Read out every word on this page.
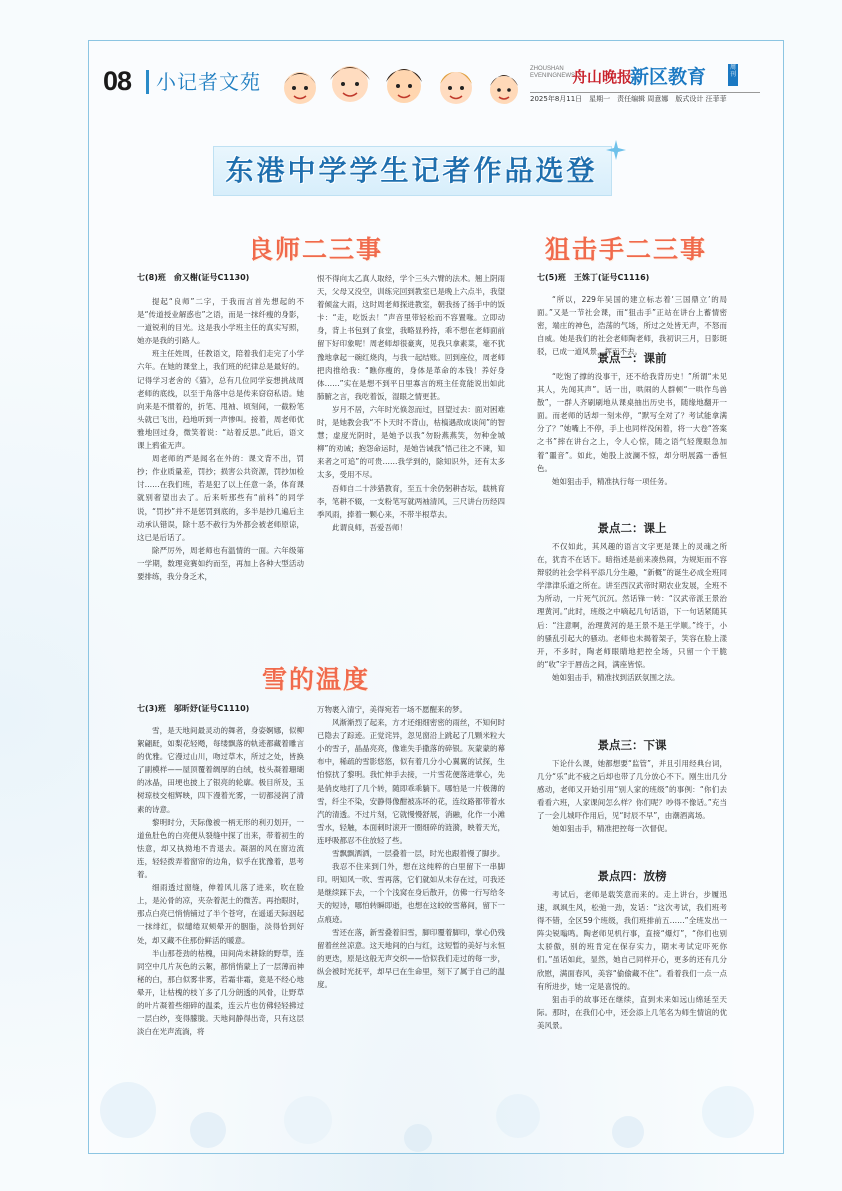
08 小记者文苑
ZHOUSHAN EVENINGNEWS
舟山晚报
新区教育	周刊
2025年8月11日　星期一　责任编辑 周意娜　版式设计 汪菲菲
东港中学学生记者作品选登
良师二三事
七(8)班　俞又榭(证号C1130)

提起“良师”二字，于我而言首先想起的不是“传道授业解惑也”之语，而是一抹纤瘦的身影，一道锐利的目光。这是我小学班主任的真实写照，她亦是我的引路人。

班主任姓周，任教语文，陪着我们走完了小学六年。在她的课堂上，我们班的纪律总是最好的。记得学习老舍的《猫》，总有几位同学妄想挑战周老师的底线，以至于角落中总是传来窃窃私语。她向来是不惯着的，折笔、甩袖、顷刻间，一截粉笔头就已飞出，趋地听到一声惨叫。接着，周老师优雅地回过身，微笑着说：“站着反思。”此后，语文课上鸦雀无声。

周老师的严是闻名在外的：课文背不出，罚抄；作业质量差，罚抄；损害公共资源，罚抄加检讨……在我们班，若是犯了以上任意一条，体育课就别奢望出去了。后来听那些有“前科”的同学说，“罚抄”并不是惩罚到底的，多半是抄几遍后主动承认错误，除十恶不赦行为外都会被老师原谅，这已是后话了。

除严厉外，周老师也有温情的一面。六年级第一学期，数理竞赛如约而至，再加上各种大型活动要排练，我分身乏术，

恨不得向太乙真人取经，学个三头六臂的法术。翘上阴雨天，父母又没空，训练完回到教室已是晚上六点半，我望着倾盆大雨，这时周老师探进教室，朝我扬了扬手中的饭卡：“走，吃饭去！”声音里带轻松而不容置喙。立即动身，背上书包到了食堂，我略显矜持，乖不想在老师面前留下好印象呢！周老师却很豪爽，见我只拿素菜，毫不犹豫地拿起一碗红烧肉，与我一起结账。回到座位，周老师把肉推给我：“瞧你瘦的，身体是革命的本钱！养好身体……”实在是想不到平日里寡言的班主任竟能说出如此肺腑之言，我吃着饭，湿眼之情更甚。

岁月不居，六年时光倏忽而过，回望过去：面对困难时，是她教会我“不卜天时不背山，枯槁遇敌成谈间”的智慧；虚度光阴时，是她予以我“勿盼燕燕笑，勿种金城柳”的劝诫；抱怨命运时，是她告诫我“悟己往之不谏，知来者之可追”的可贵……我学到的，除知识外，还有太多太多，受用不尽。

吾师自二十涉猎教育，至五十余仍躬耕杏坛，载桃育李，笔耕不辍，一支粉笔写就两袖清风，三尺讲台历经四季风雨，捧着一颗心来，不带半根草去。

此谓良师，吾爱吾师！

雪的温度
七(3)班　邬昕妤(证号C1110)

雪，是天地间最灵动的舞者，身姿婀娜，似柳絮翩跹，如梨花轻飏，每缕飘落的轨迹都藏着雕言的优雅。它漫过山川，吻过草木，所过之处，皆换了副模样——屋顶覆着绸厚的白绒，枝头凝着珊瑚的冰晶，田埂也披上了银亮的轮廓。极目所及，玉树琼枝交相辉映，四下漫着光雾，一切都浸润了清素的诗意。

黎明时分，天际像被一柄无形的利刃划开，一道鱼肚色的白亮便从裂缝中探了出来，带着初生的怯意，却又执拗地不肯退去。凝涸的风在窗边流连，轻轻拨弄着窗帘的边角，似乎在犹豫着，思考着。

细雨透过窗缝，伸着风儿落了进来，吹在脸上，是沁骨的凉，夹杂着泥土的微苦。再抬眼时，那点白亮已悄悄铺过了半个苍穹，在遥遥天际洇起一抹绯红，似缱绻双颊晕开的胭脂，淡得恰到好处，却又藏不住那份鲜活的暖意。

半山那苍劲的枯槐，田间尚未耕除的野草，连同空中几片灰色的云絮，都悄悄蒙上了一层薄而神秘的白，那白似雾非雾，若霜非霜，竟是不经心地晕开，让枯槐的枝丫多了几分朗透的风骨，让野草的叶片凝着些细碎的温柔，连云片也仿佛轻轻拂过一层白纱，变得朦胧。天地间静得出奇，只有这层淡白在光声流淌，将

万物裹入清宁，美得宛若一场不愿醒来的梦。

风渐渐烈了起来，方才还细细密密的雨丝，不知何时已隐去了踪迹。正觉诧异，忽见窗沿上跳起了几颗米粒大小的雪子，晶晶亮亮，像谁失手撒落的碎银。灰蒙蒙的幕布中，稀疏的雪影悠悠，似有着几分小心翼翼的试探，生怕惊扰了黎明。我忙伸手去接，一片雪花便落进掌心，先是俏皮地打了几个转，随即乖乖躺下。哪怕是一片极薄的雪，纤尘不染，安静得像酣被冻坏的花，连纹路都带着水汽的清透。不过片刻，它就慢慢舒展，消融，化作一小滩雪水，轻触，本面刺时滚开一圈细碎的涟漪，映着天光，连呼吸都忍不住放轻了些。

雪飘飘洒洒，一层叠着一层，时光也跟着慢了脚步。

我忍不住来到门外，想在这纯粹的白里留下一串脚印。明知风一吹、雪再落，它们就如从未存在过，可我还是继续踩下去，一个个浅窝在身后散开，仿佛一行写给冬天的短诗，哪怕转瞬即逝，也想在这皎皎雪幕间，留下一点痕迹。

雪还在落，新雪叠着旧雪，脚印覆着脚印，掌心仍残留着丝丝凉意。这天地间的白与红，这短暂的美好与永恒的更迭，原是这般无声交织——恰似我们走过的每一步，纵会被时光抚平，却早已在生命里，刻下了属于自己的温度。

狙击手二三事
七(5)班　王姝丁(证号C1116)

“所以，229年吴国的建立标志着‘三国鼎立’的局面。”又是一节社会课，而“狙击手”正站在讲台上蓄情密密，端庄的神色，浩荡的气场，所过之处皆无声，不怒而自威。她是我们的社会老师陶老师，我初识三月，日影斑驳，已成一道风景，挥而不去。

景点一：课前

“吃饱了撑的没事干，还不给我背历史！”所谓“未见其人，先闻其声”。话一出，哄闹的人群顿“一哄作鸟兽散”，一群人齐刷刷地从课桌抽出历史书，随缘地翻开一面。而老师的话却一刻未停，“默写全对了？考试能拿满分了？”她嘴上不停，手上也同样没闲着，将一大卷“答案之书”摔在讲台之上，令人心惊，随之语气轻蔑眼急加着“噩音”。如此，她股上波澜不惊，却分明展露一番恒色。

她如狙击手，精准执行每一项任务。

景点二：课上

不仅如此，其风趣的语言文字更是课上的灵魂之所在，犹肯不在话下。暗指述是前来凑热闹，为规矩而不容辩驳的社会学科平添几分生趣，“新概”的诞生必成全班同学津津乐道之所在。讲至西汉武帝时期农业发展，全班不为所动，一片死气沉沉。然话锋一转：“汉武帝派王景治理黄河。”此时，班级之中嘀起几句话语，下一句话紧随其后：“注意啊，治理黄河的是王景不是王学顺。”终于，小的骚乱引起大的骚动。老师也未揭着架子，笑容在脸上漾开，不多时，陶老师眼睛地把控全场，只留一个干脆的“收”字于唇齿之间，满座皆惊。

她如狙击手，精准找到活跃氛围之法。

景点三：下课

下论什么课，她都想要“监管”，并且引用经典台词，几分“乐”此不疲之后却也带了几分放心不下。刚生出几分感动，老师又开始引用“别人家的班级”的事例：“你们去看看六班，人家课间怎么样？你们呢？吵得不像话。”充当了一会儿城吓作用后，见“时辰不早”，由潮酒离场。

她如狙击手，精准把控每一次督促。

景点四：放榜

考试后，老师是载笑意而来的。走上讲台，步履迅速，飒飒生风，松弛一劲，发话：“这次考试，我们班考得不错，全区59个班级，我们班排前五……”全班发出一阵尖锐嗡鸣。陶老师见机行事，直接“爆灯”，“你们也别太骄傲，别的班肯定在保存实力，期末考试定吓死你们。”虽话如此，显然，她自己同样开心，更多的还有几分欣慰，满面春风，美容“偷偷藏不住”。看着我们一点一点有所进步，她一定是喜悦的。

狙击手的故事还在继续，直到未来如远山绵延至天际。那时，在我们心中，还会添上几笔名为师生情谊的优美风景。
